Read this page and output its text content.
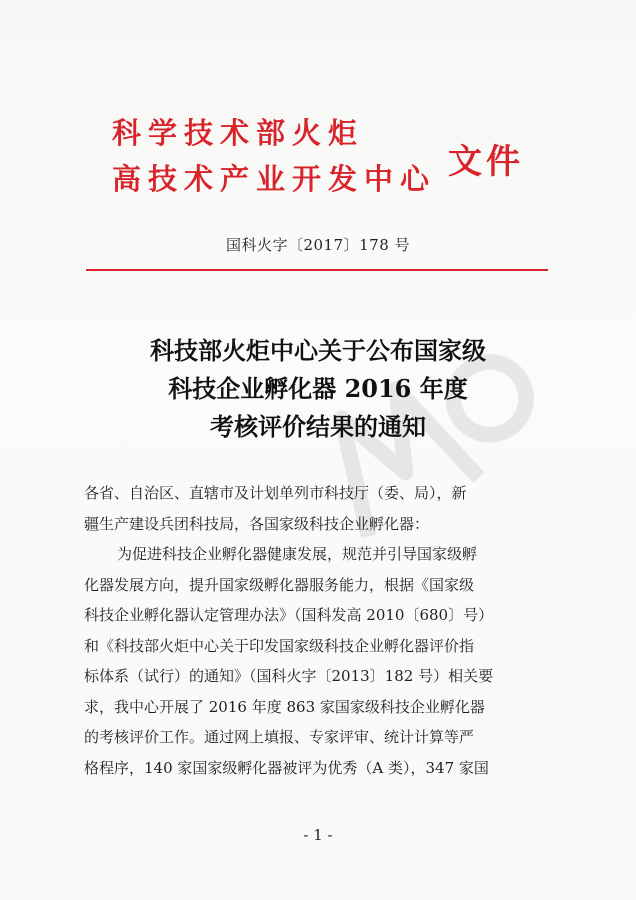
科学技术部火炬
高技术产业开发中心 文件
国科火字〔2017〕178 号
科技部火炬中心关于公布国家级
科技企业孵化器 2016 年度
考核评价结果的通知
各省、自治区、直辖市及计划单列市科技厅（委、局），新
疆生产建设兵团科技局，各国家级科技企业孵化器：
为促进科技企业孵化器健康发展，规范并引导国家级孵
化器发展方向，提升国家级孵化器服务能力，根据《国家级
科技企业孵化器认定管理办法》（国科发高 2010〔680〕号）
和《科技部火炬中心关于印发国家级科技企业孵化器评价指
标体系（试行）的通知》（国科火字〔2013〕182 号）相关要
求，我中心开展了 2016 年度 863 家国家级科技企业孵化器
的考核评价工作。通过网上填报、专家评审、统计计算等严
格程序，140 家国家级孵化器被评为优秀（A 类），347 家国
- 1 -
